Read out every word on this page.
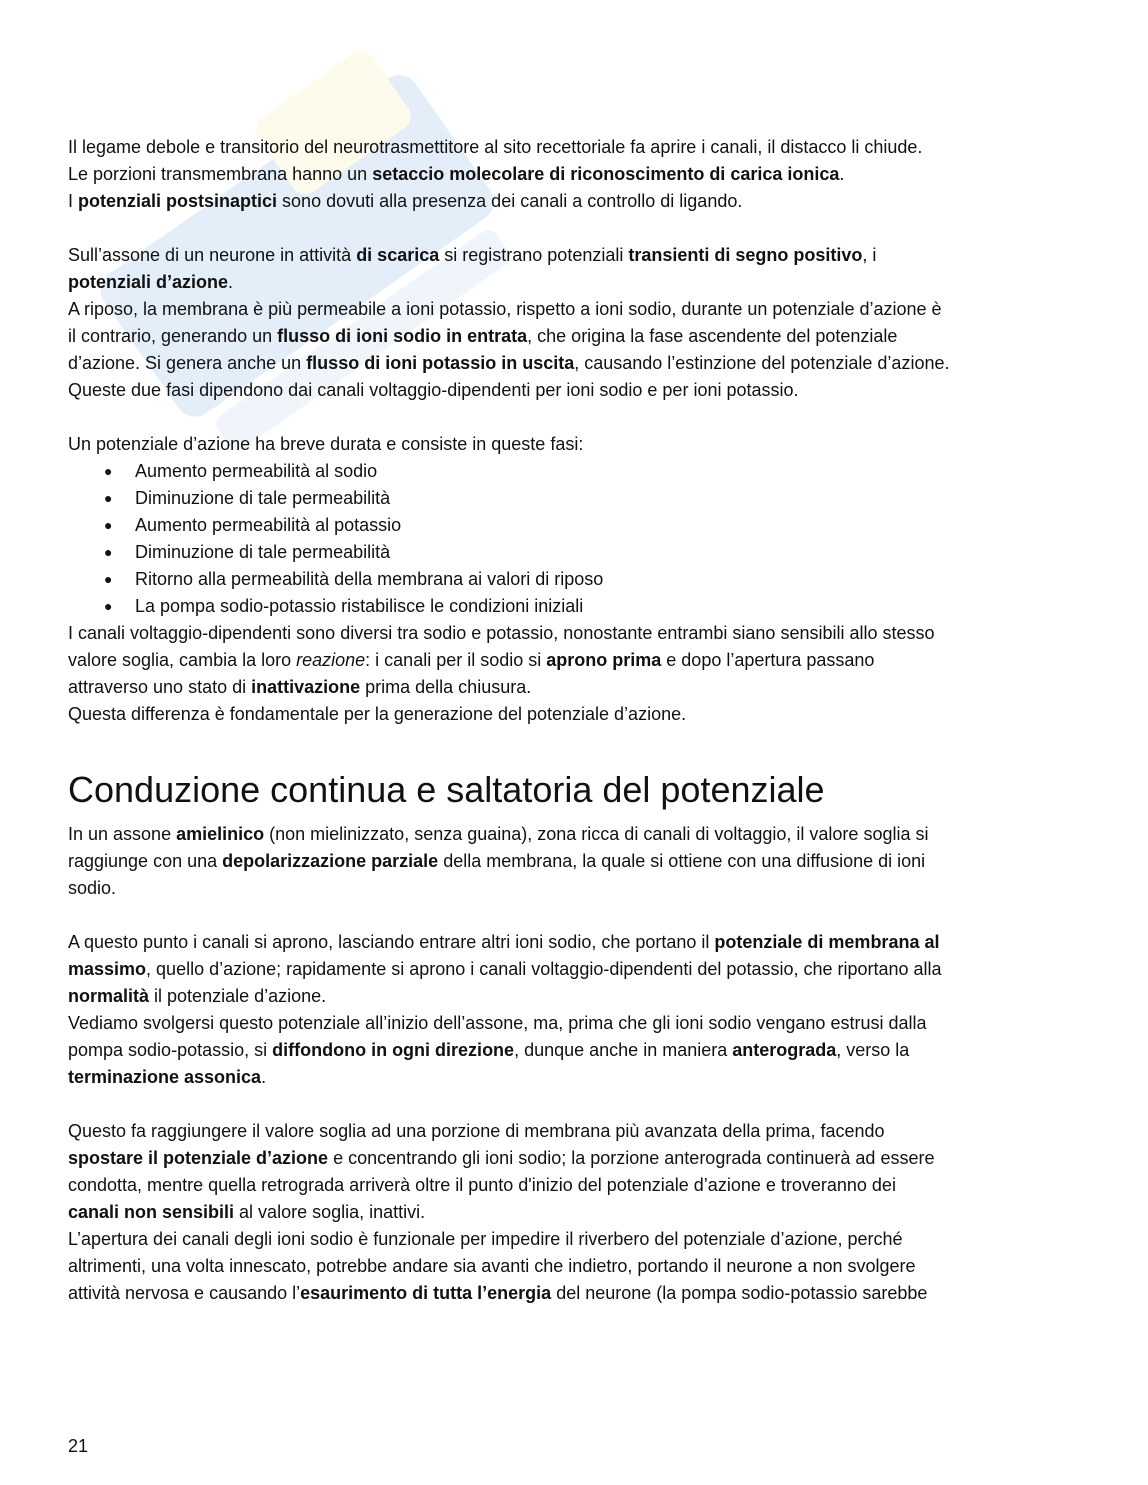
Il legame debole e transitorio del neurotrasmettitore al sito recettoriale fa aprire i canali, il distacco li chiude.
Le porzioni transmembrana hanno un setaccio molecolare di riconoscimento di carica ionica.
I potenziali postsinaptici sono dovuti alla presenza dei canali a controllo di ligando.
Sull’assone di un neurone in attività di scarica si registrano potenziali transienti di segno positivo, i
potenziali d’azione.
A riposo, la membrana è più permeabile a ioni potassio, rispetto a ioni sodio, durante un potenziale d’azione è
il contrario, generando un flusso di ioni sodio in entrata, che origina la fase ascendente del potenziale
d’azione. Si genera anche un flusso di ioni potassio in uscita, causando l’estinzione del potenziale d’azione.
Queste due fasi dipendono dai canali voltaggio-dipendenti per ioni sodio e per ioni potassio.
Un potenziale d’azione ha breve durata e consiste in queste fasi:
● Aumento permeabilità al sodio
● Diminuzione di tale permeabilità
● Aumento permeabilità al potassio
● Diminuzione di tale permeabilità
● Ritorno alla permeabilità della membrana ai valori di riposo
● La pompa sodio-potassio ristabilisce le condizioni iniziali
I canali voltaggio-dipendenti sono diversi tra sodio e potassio, nonostante entrambi siano sensibili allo stesso
valore soglia, cambia la loro reazione: i canali per il sodio si aprono prima e dopo l’apertura passano
attraverso uno stato di inattivazione prima della chiusura.
Questa differenza è fondamentale per la generazione del potenziale d’azione.
Conduzione continua e saltatoria del potenziale
In un assone amielinico (non mielinizzato, senza guaina), zona ricca di canali di voltaggio, il valore soglia si
raggiunge con una depolarizzazione parziale della membrana, la quale si ottiene con una diffusione di ioni
sodio.
A questo punto i canali si aprono, lasciando entrare altri ioni sodio, che portano il potenziale di membrana al
massimo, quello d’azione; rapidamente si aprono i canali voltaggio-dipendenti del potassio, che riportano alla
normalità il potenziale d’azione.
Vediamo svolgersi questo potenziale all’inizio dell’assone, ma, prima che gli ioni sodio vengano estrusi dalla
pompa sodio-potassio, si diffondono in ogni direzione, dunque anche in maniera anterograda, verso la
terminazione assonica.
Questo fa raggiungere il valore soglia ad una porzione di membrana più avanzata della prima, facendo
spostare il potenziale d’azione e concentrando gli ioni sodio; la porzione anterograda continuerà ad essere
condotta, mentre quella retrograda arriverà oltre il punto d'inizio del potenziale d’azione e troveranno dei
canali non sensibili al valore soglia, inattivi.
L’apertura dei canali degli ioni sodio è funzionale per impedire il riverbero del potenziale d’azione, perché
altrimenti, una volta innescato, potrebbe andare sia avanti che indietro, portando il neurone a non svolgere
attività nervosa e causando l’esaurimento di tutta l’energia del neurone (la pompa sodio-potassio sarebbe
21
